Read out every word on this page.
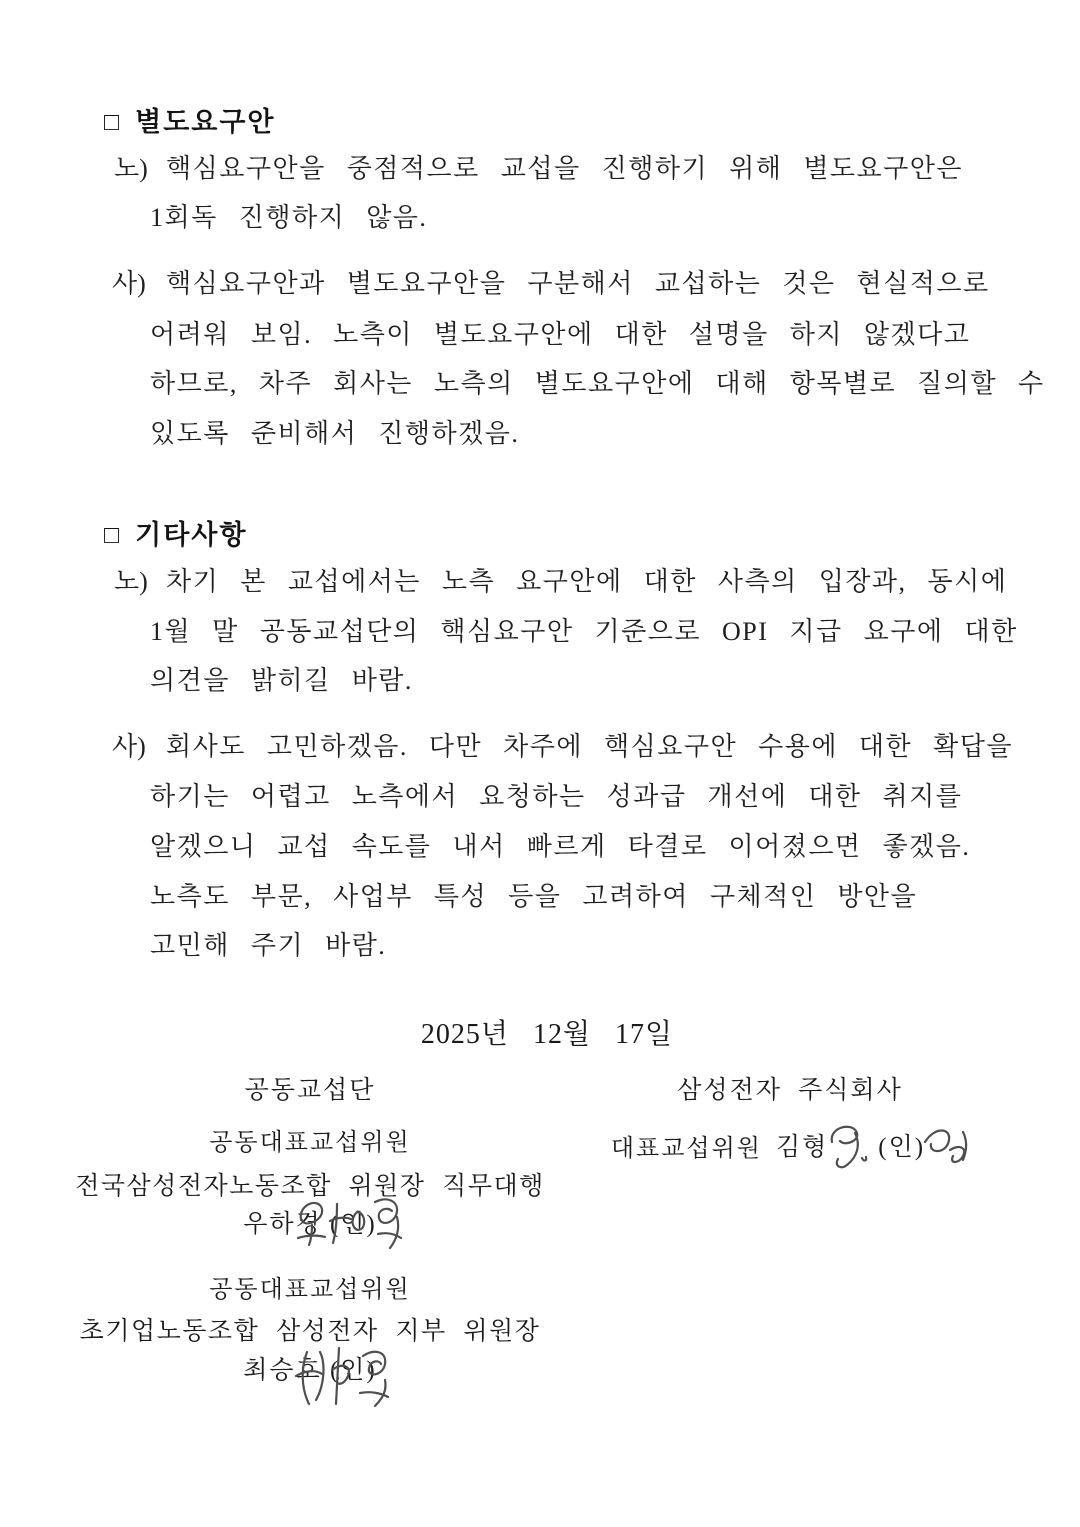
□ 별도요구안
노) 핵심요구안을 중점적으로 교섭을 진행하기 위해 별도요구안은
1회독 진행하지 않음.
사) 핵심요구안과 별도요구안을 구분해서 교섭하는 것은 현실적으로
어려워 보임. 노측이 별도요구안에 대한 설명을 하지 않겠다고
하므로, 차주 회사는 노측의 별도요구안에 대해 항목별로 질의할 수
있도록 준비해서 진행하겠음.
□ 기타사항
노) 차기 본 교섭에서는 노측 요구안에 대한 사측의 입장과, 동시에
1월 말 공동교섭단의 핵심요구안 기준으로 OPI 지급 요구에 대한
의견을 밝히길 바람.
사) 회사도 고민하겠음. 다만 차주에 핵심요구안 수용에 대한 확답을
하기는 어렵고 노측에서 요청하는 성과급 개선에 대한 취지를
알겠으니 교섭 속도를 내서 빠르게 타결로 이어졌으면 좋겠음.
노측도 부문, 사업부 특성 등을 고려하여 구체적인 방안을
고민해 주기 바람.
2025년 12월 17일
공동교섭단
공동대표교섭위원
전국삼성전자노동조합 위원장 직무대행
우하경 (인)
공동대표교섭위원
초기업노동조합 삼성전자 지부 위원장
최승호 (인)
삼성전자 주식회사
대표교섭위원 김형 (인)
